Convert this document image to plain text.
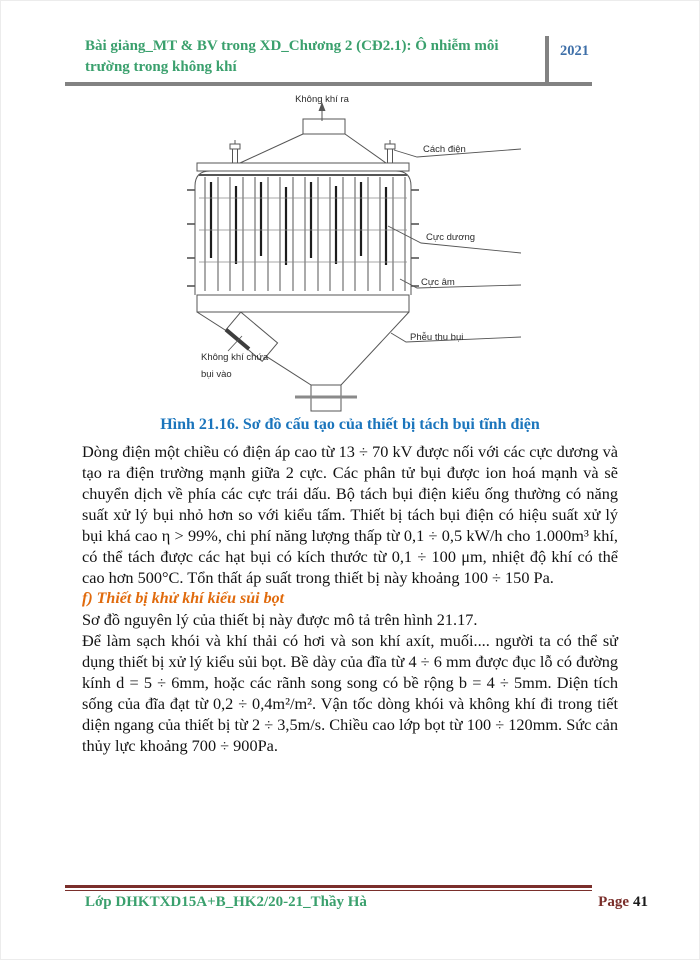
Bài giảng_MT & BV trong XD_Chương 2 (CĐ2.1): Ô nhiễm môi trường trong không khí
2021
Không khí ra
Cách điện
Cực dương
Cực âm
Phễu thu bụi
Không khí chứa
bụi vào
Hình 21.16. Sơ đồ cấu tạo của thiết bị tách bụi tĩnh điện

Dòng điện một chiều có điện áp cao từ 13 ÷ 70 kV được nối với các cực dương và tạo ra điện trường mạnh giữa 2 cực. Các phân tử bụi được ion hoá mạnh và sẽ chuyển dịch về phía các cực trái dấu. Bộ tách bụi điện kiểu ống thường có năng suất xử lý bụi nhỏ hơn so với kiểu tấm. Thiết bị tách bụi điện có hiệu suất xử lý bụi khá cao η > 99%, chi phí năng lượng thấp từ 0,1 ÷ 0,5 kW/h cho 1.000m³ khí, có thể tách được các hạt bụi có kích thước từ 0,1 ÷ 100 μm, nhiệt độ khí có thể cao hơn 500°C. Tổn thất áp suất trong thiết bị này khoảng 100 ÷ 150 Pa.

f) Thiết bị khử khí kiểu sủi bọt

Sơ đồ nguyên lý của thiết bị này được mô tả trên hình 21.17.

Để làm sạch khói và khí thải có hơi và son khí axít, muối.... người ta có thể sử dụng thiết bị xử lý kiểu sủi bọt. Bề dày của đĩa từ 4 ÷ 6 mm được đục lỗ có đường kính d = 5 ÷ 6mm, hoặc các rãnh song song có bề rộng b = 4 ÷ 5mm. Diện tích sống của đĩa đạt từ 0,2 ÷ 0,4m²/m². Vận tốc dòng khói và không khí đi trong tiết diện ngang của thiết bị từ 2 ÷ 3,5m/s. Chiều cao lớp bọt từ 100 ÷ 120mm. Sức cản thủy lực khoảng 700 ÷ 900Pa.

Lớp DHKTXD15A+B_HK2/20-21_Thầy Hà	Page 41
